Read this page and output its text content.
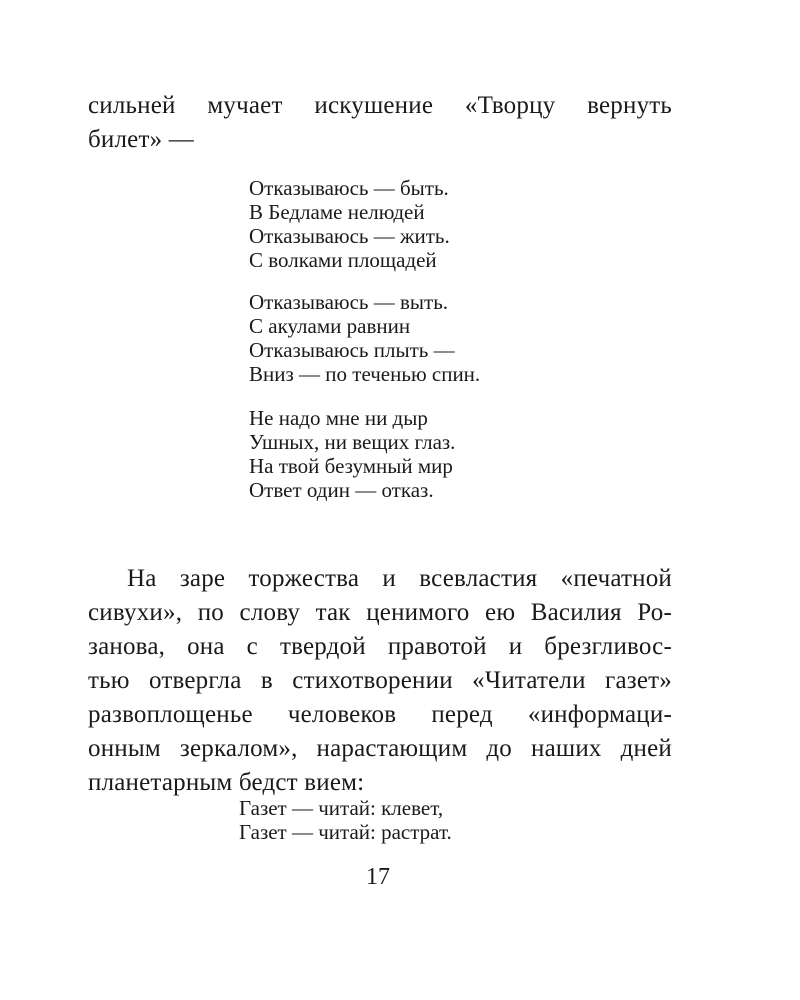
сильней мучает искушение «Творцу вернуть
билет» —
Отказываюсь — быть.
В Бедламе нелюдей
Отказываюсь — жить.
С волками площадей
Отказываюсь — выть.
С акулами равнин
Отказываюсь плыть —
Вниз — по теченью спин.
Не надо мне ни дыр
Ушных, ни вещих глаз.
На твой безумный мир
Ответ один — отказ.
На заре торжества и всевластия «печатной
сивухи», по слову так ценимого ею Василия Ро-
занова, она с твердой правотой и брезгливос-
тью отвергла в стихотворении «Читатели газет»
развоплощенье человеков перед «информаци-
онным зеркалом», нарастающим до наших дней
планетарным бедст вием:
Газет — читай: клевет,
Газет — читай: растрат.
17
